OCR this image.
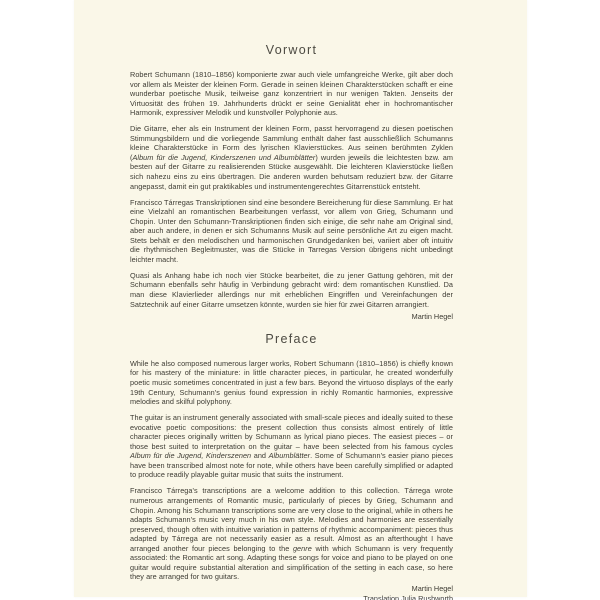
Vorwort

Robert Schumann (1810–1856) komponierte zwar auch viele umfangreiche Werke, gilt aber doch vor allem als Meister der kleinen Form. Gerade in seinen kleinen Charakterstücken schafft er eine wunderbar poetische Musik, teilweise ganz konzentriert in nur wenigen Takten. Jenseits der Virtuosität des frühen 19. Jahrhunderts drückt er seine Genialität eher in hochromantischer Harmonik, expressiver Melodik und kunstvoller Polyphonie aus.

Die Gitarre, eher als ein Instrument der kleinen Form, passt hervorragend zu diesen poetischen Stimmungsbildern und die vorliegende Sammlung enthält daher fast ausschließlich Schumanns kleine Charakterstücke in Form des lyrischen Klavierstückes. Aus seinen berühmten Zyklen (Album für die Jugend, Kinderszenen und Albumblätter) wurden jeweils die leichtesten bzw. am besten auf der Gitarre zu realisierenden Stücke ausgewählt. Die leichteren Klavierstücke ließen sich nahezu eins zu eins übertragen. Die anderen wurden behutsam reduziert bzw. der Gitarre angepasst, damit ein gut praktikables und instrumentengerechtes Gitarrenstück entsteht.

Francisco Tárregas Transkriptionen sind eine besondere Bereicherung für diese Sammlung. Er hat eine Vielzahl an romantischen Bearbeitungen verfasst, vor allem von Grieg, Schumann und Chopin. Unter den Schumann-Transkriptionen finden sich einige, die sehr nahe am Original sind, aber auch andere, in denen er sich Schumanns Musik auf seine persönliche Art zu eigen macht. Stets behält er den melodischen und harmonischen Grundgedanken bei, variiert aber oft intuitiv die rhythmischen Begleitmuster, was die Stücke in Tarregas Version übrigens nicht unbedingt leichter macht.

Quasi als Anhang habe ich noch vier Stücke bearbeitet, die zu jener Gattung gehören, mit der Schumann ebenfalls sehr häufig in Verbindung gebracht wird: dem romantischen Kunstlied. Da man diese Klavierlieder allerdings nur mit erheblichen Eingriffen und Vereinfachungen der Satztechnik auf einer Gitarre umsetzen könnte, wurden sie hier für zwei Gitarren arrangiert.

Martin Hegel
Preface

While he also composed numerous larger works, Robert Schumann (1810–1856) is chiefly known for his mastery of the miniature: in little character pieces, in particular, he created wonderfully poetic music sometimes concentrated in just a few bars. Beyond the virtuoso displays of the early 19th Century, Schumann's genius found expression in richly Romantic harmonies, expressive melodies and skilful polyphony.

The guitar is an instrument generally associated with small-scale pieces and ideally suited to these evocative poetic compositions: the present collection thus consists almost entirely of little character pieces originally written by Schumann as lyrical piano pieces. The easiest pieces – or those best suited to interpretation on the guitar – have been selected from his famous cycles Album für die Jugend, Kinderszenen and Albumblätter. Some of Schumann's easier piano pieces have been transcribed almost note for note, while others have been carefully simplified or adapted to produce readily playable guitar music that suits the instrument.

Francisco Tárrega's transcriptions are a welcome addition to this collection. Tárrega wrote numerous arrangements of Romantic music, particularly of pieces by Grieg, Schumann and Chopin. Among his Schumann transcriptions some are very close to the original, while in others he adapts Schumann's music very much in his own style. Melodies and harmonies are essentially preserved, though often with intuitive variation in patterns of rhythmic accompaniment: pieces thus adapted by Tárrega are not necessarily easier as a result. Almost as an afterthought I have arranged another four pieces belonging to the genre with which Schumann is very frequently associated: the Romantic art song. Adapting these songs for voice and piano to be played on one guitar would require substantial alteration and simplification of the setting in each case, so here they are arranged for two guitars.

Martin Hegel
Translation Julia Rushworth
